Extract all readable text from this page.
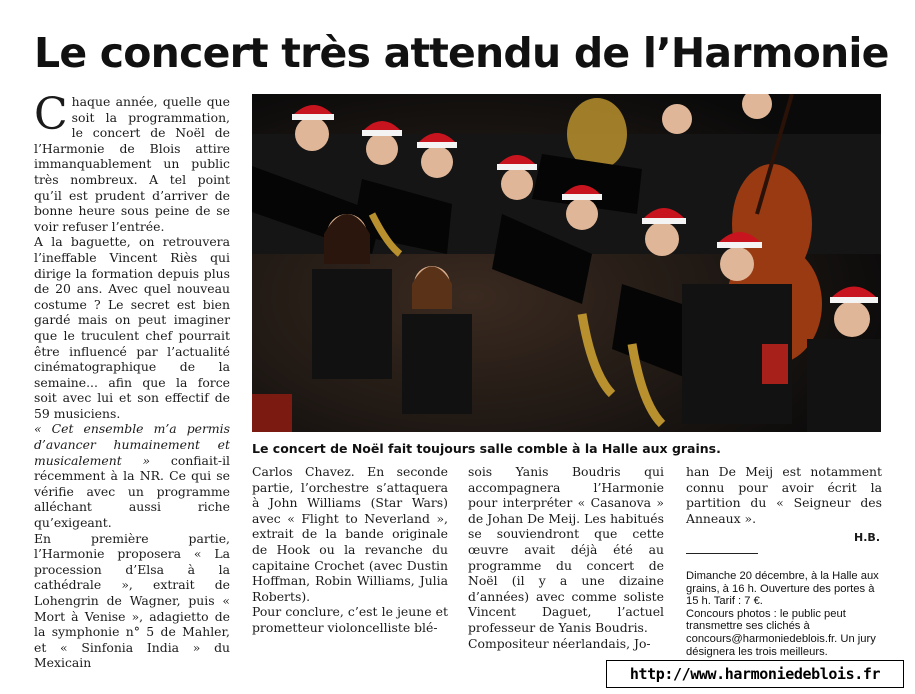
Le concert très attendu de l’Harmonie

Chaque année, quelle que soit la programmation, le concert de Noël de l’Harmonie de Blois attire immanquablement un public très nombreux. A tel point qu’il est prudent d’arriver de bonne heure sous peine de se voir refuser l’entrée.

A la baguette, on retrouvera l’ineffable Vincent Riès qui dirige la formation depuis plus de 20 ans. Avec quel nouveau costume ? Le secret est bien gardé mais on peut imaginer que le truculent chef pourrait être influencé par l’actualité cinématographique de la semaine... afin que la force soit avec lui et son effectif de 59 musiciens.

« Cet ensemble m’a permis d’avancer humainement et musicalement » confiait-il récemment à la NR. Ce qui se vérifie avec un programme alléchant aussi riche qu’exigeant.

En première partie, l’Harmonie proposera « La procession d’Elsa à la cathédrale », extrait de Lohengrin de Wagner, puis « Mort à Venise », adagietto de la symphonie n° 5 de Mahler, et « Sinfonia India » du Mexicain

Le concert de Noël fait toujours salle comble à la Halle aux grains.

Carlos Chavez. En seconde partie, l’orchestre s’attaquera à John Williams (Star Wars) avec « Flight to Neverland », extrait de la bande originale de Hook ou la revanche du capitaine Crochet (avec Dustin Hoffman, Robin Williams, Julia Roberts).

Pour conclure, c’est le jeune et prometteur violoncelliste blé-

sois Yanis Boudris qui accompagnera l’Harmonie pour interpréter « Casanova » de Johan De Meij. Les habitués se souviendront que cette œuvre avait déjà été au programme du concert de Noël (il y a une dizaine d’années) avec comme soliste Vincent Daguet, l’actuel professeur de Yanis Boudris.

Compositeur néerlandais, Jo-

han De Meij est notamment connu pour avoir écrit la partition du « Seigneur des Anneaux ».

H.B.

Dimanche 20 décembre, à la Halle aux grains, à 16 h. Ouverture des portes à 15 h. Tarif : 7 €.

Concours photos : le public peut transmettre ses clichés à concours@harmoniedeblois.fr. Un jury désignera les trois meilleurs.

http://www.harmoniedeblois.fr
